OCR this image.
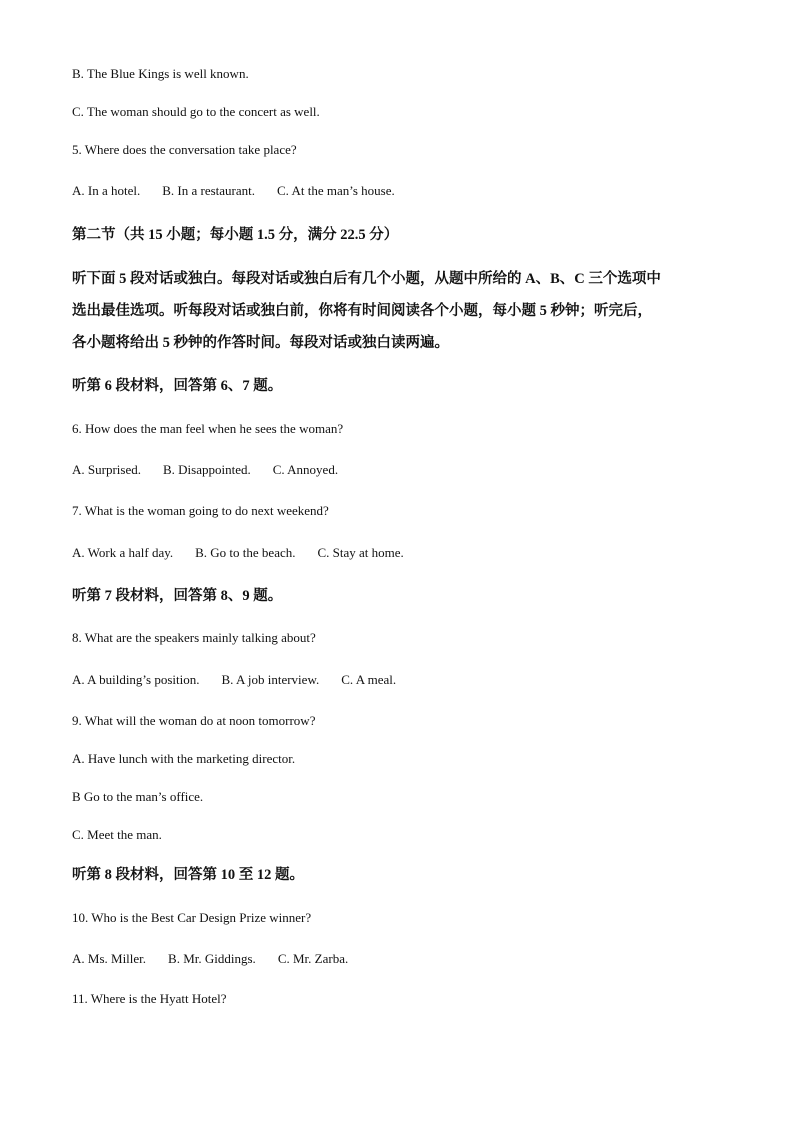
B. The Blue Kings is well known.
C. The woman should go to the concert as well.
5. Where does the conversation take place?
A. In a hotel. B. In a restaurant. C. At the man’s house.
第二节（共 15 小题；每小题 1.5 分，满分 22.5 分）
听下面 5 段对话或独白。每段对话或独白后有几个小题，从题中所给的 A、B、C 三个选项中
选出最佳选项。听每段对话或独白前，你将有时间阅读各个小题，每小题 5 秒钟；听完后，
各小题将给出 5 秒钟的作答时间。每段对话或独白读两遍。
听第 6 段材料，回答第 6、7 题。
6. How does the man feel when he sees the woman?
A. Surprised. B. Disappointed. C. Annoyed.
7. What is the woman going to do next weekend?
A. Work a half day. B. Go to the beach. C. Stay at home.
听第 7 段材料，回答第 8、9 题。
8. What are the speakers mainly talking about?
A. A building’s position. B. A job interview. C. A meal.
9. What will the woman do at noon tomorrow?
A. Have lunch with the marketing director.
B Go to the man’s office.
C. Meet the man.
听第 8 段材料，回答第 10 至 12 题。
10. Who is the Best Car Design Prize winner?
A. Ms. Miller. B. Mr. Giddings. C. Mr. Zarba.
11. Where is the Hyatt Hotel?
